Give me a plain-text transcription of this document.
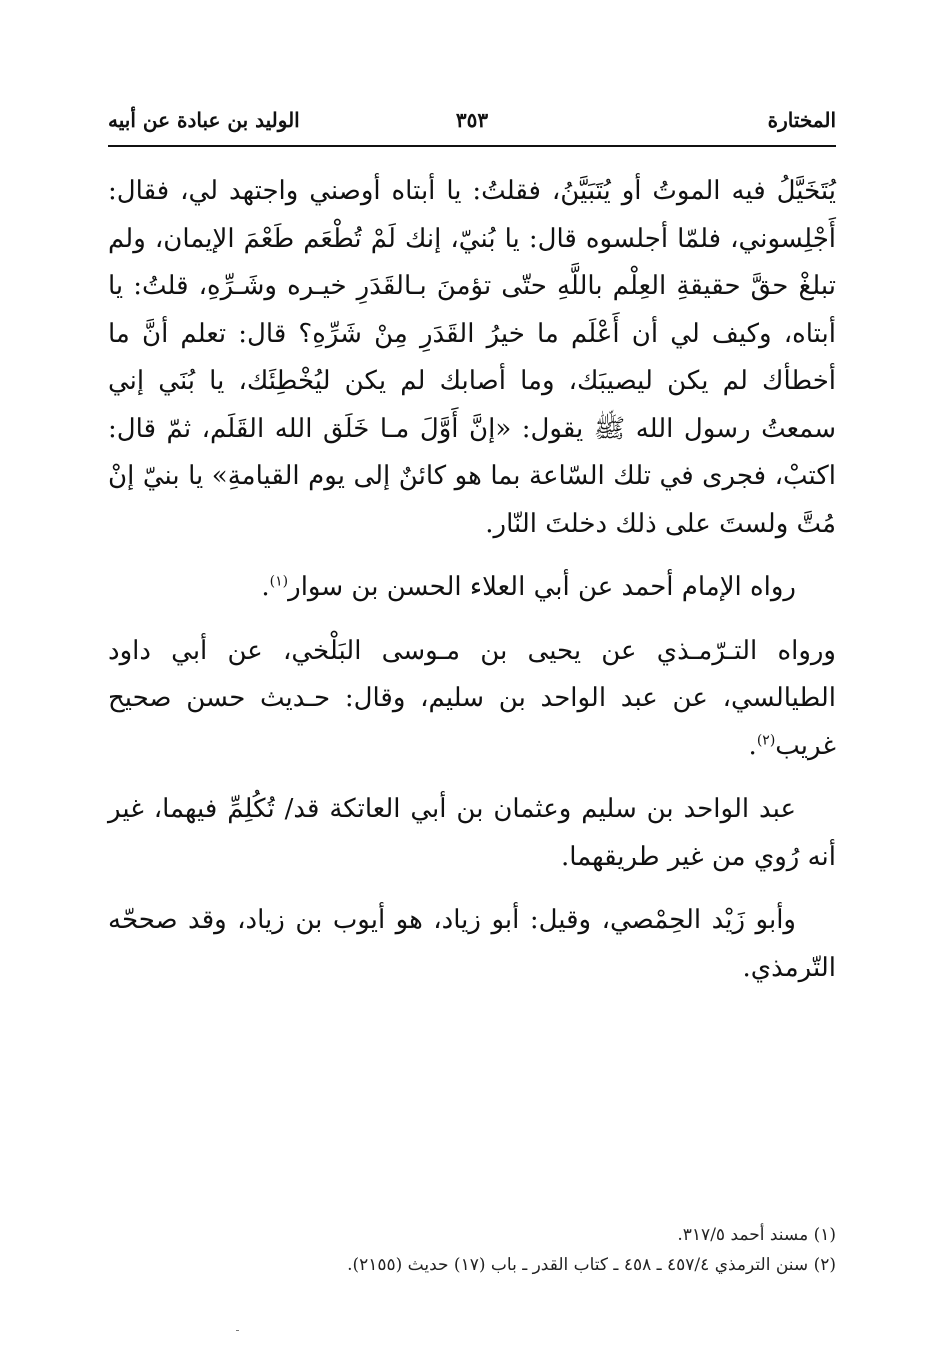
المختارة
٣٥٣
الوليد بن عبادة عن أبيه

يُتَخَيَّلُ فيه الموتُ أو يُتَبَيَّنُ، فقلتُ: يا أبتاه أوصني واجتهد لي، فقال: أَجْلِسوني، فلمّا أجلسوه قال: يا بُنيّ، إنك لَمْ تُطْعَم طَعْمَ الإيمان، ولم تبلغْ حقَّ حقيقةِ العِلْم باللَّهِ حتّى تؤمنَ بـالقَدَرِ خيـره وشَـرِّهِ، قلتُ: يا أبتاه، وكيف لي أن أَعْلَم ما خيرُ القَدَرِ مِنْ شَرِّهِ؟ قال: تعلم أنَّ ما أخطأك لم يكن ليصيبَك، وما أصابك لم يكن ليُخْطِئَك، يا بُنَي إني سمعتُ رسول الله ﷺ يقول: «إنَّ أَوَّلَ مـا خَلَق الله القَلَم، ثمّ قال: اكتبْ، فجرى في تلك السّاعة بما هو كائنٌ إلى يوم القيامةِ» يا بنيّ إنْ مُتَّ ولستَ على ذلك دخلتَ النّار.

رواه الإمام أحمد عن أبي العلاء الحسن بن سوار$^{(١)}$.

ورواه التـرّمـذي عن يحيى بن مـوسى البَلْخي، عن أبي داود الطيالسي، عن عبد الواحد بن سليم، وقال: حـديث حسن صحيح غريب$^{(٢)}$.

عبد الواحد بن سليم وعثمان بن أبي العاتكة قد/ تُكُلِمِّ فيهما، غير أنه رُوي من غير طريقهما.

وأبو زَيْد الحِمْصي، وقيل: أبو زياد، هو أيوب بن زياد، وقد صححّه التّرمذي.

(١) مسند أحمد ٣١٧/٥.

(٢) سنن الترمذي ٤٥٧/٤ ـ ٤٥٨ ـ كتاب القدر ـ باب (١٧) حديث (٢١٥٥).
